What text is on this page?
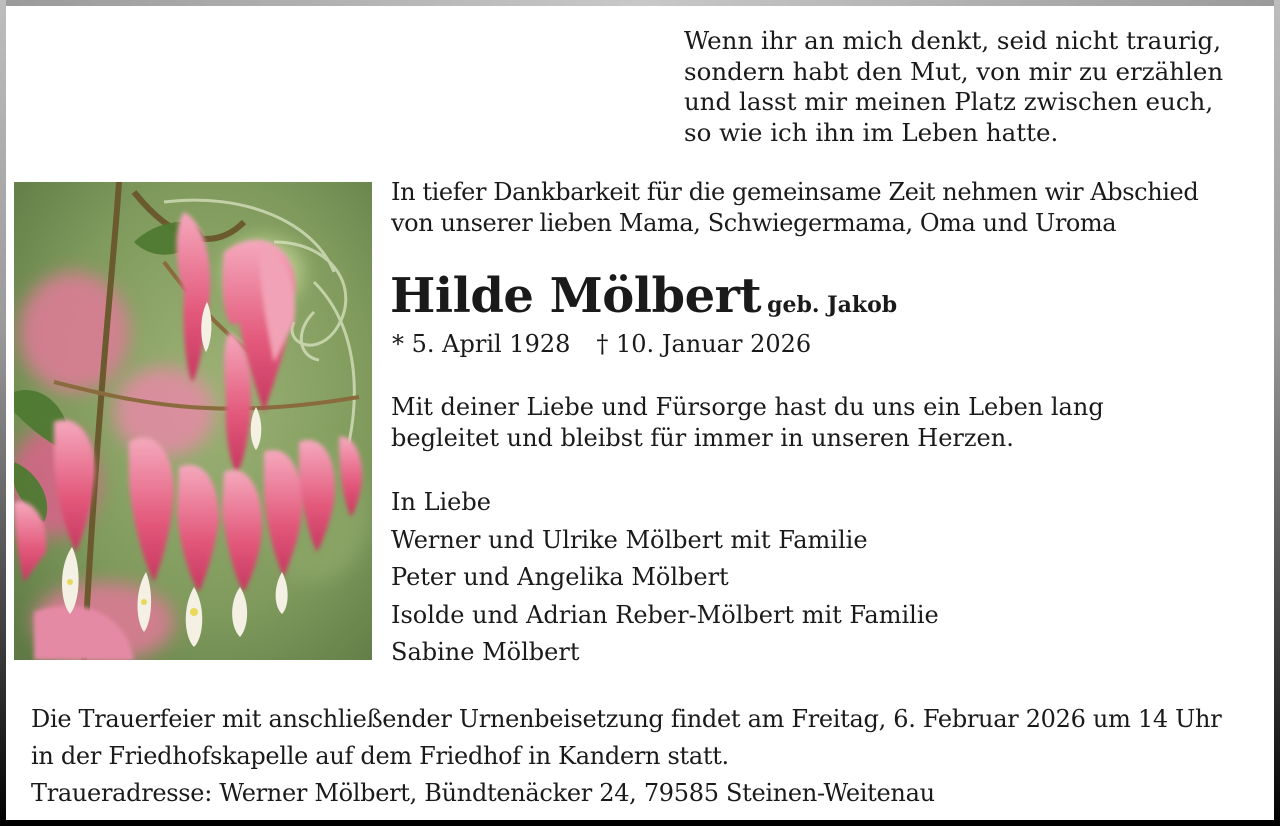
Wenn ihr an mich denkt, seid nicht traurig,
sondern habt den Mut, von mir zu erzählen
und lasst mir meinen Platz zwischen euch,
so wie ich ihn im Leben hatte.
In tiefer Dankbarkeit für die gemeinsame Zeit nehmen wir Abschied
von unserer lieben Mama, Schwiegermama, Oma und Uroma
Hilde Mölbert geb. Jakob
* 5. April 1928 † 10. Januar 2026
Mit deiner Liebe und Fürsorge hast du uns ein Leben lang
begleitet und bleibst für immer in unseren Herzen.
In Liebe
Werner und Ulrike Mölbert mit Familie
Peter und Angelika Mölbert
Isolde und Adrian Reber-Mölbert mit Familie
Sabine Mölbert
Die Trauerfeier mit anschließender Urnenbeisetzung findet am Freitag, 6. Februar 2026 um 14 Uhr
in der Friedhofskapelle auf dem Friedhof in Kandern statt.
Traueradresse: Werner Mölbert, Bündtenäcker 24, 79585 Steinen-Weitenau
